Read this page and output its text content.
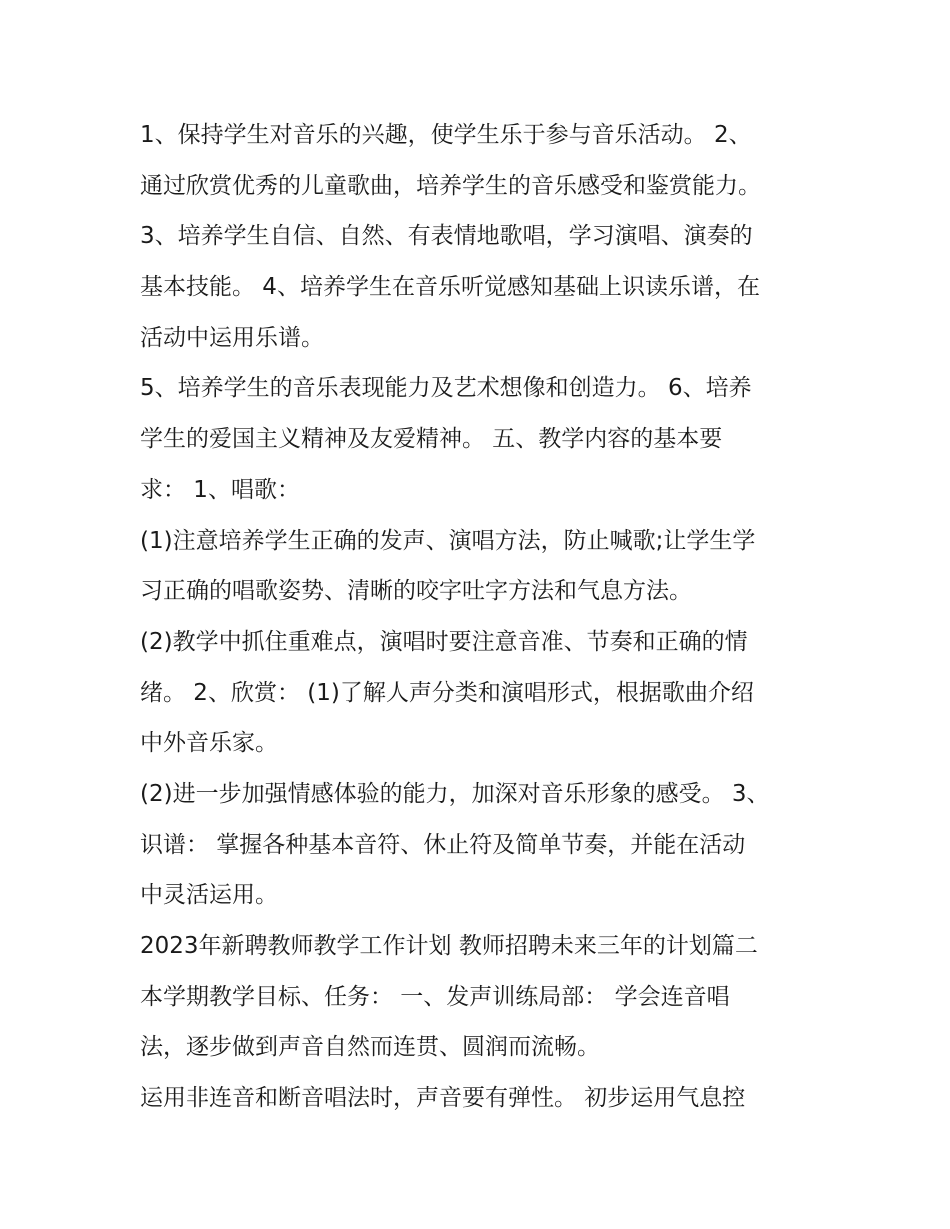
1、保持学生对音乐的兴趣，使学生乐于参与音乐活动。 2、
通过欣赏优秀的儿童歌曲，培养学生的音乐感受和鉴赏能力。
3、培养学生自信、自然、有表情地歌唱，学习演唱、演奏的
基本技能。 4、培养学生在音乐听觉感知基础上识读乐谱，在
活动中运用乐谱。
5、培养学生的音乐表现能力及艺术想像和创造力。 6、培养
学生的爱国主义精神及友爱精神。 五、教学内容的基本要
求： 1、唱歌：
(1)注意培养学生正确的发声、演唱方法，防止喊歌;让学生学
习正确的唱歌姿势、清晰的咬字吐字方法和气息方法。
(2)教学中抓住重难点，演唱时要注意音准、节奏和正确的情
绪。 2、欣赏： (1)了解人声分类和演唱形式，根据歌曲介绍
中外音乐家。
(2)进一步加强情感体验的能力，加深对音乐形象的感受。 3、
识谱： 掌握各种基本音符、休止符及简单节奏，并能在活动
中灵活运用。
2023年新聘教师教学工作计划 教师招聘未来三年的计划篇二
本学期教学目标、任务： 一、发声训练局部： 学会连音唱
法，逐步做到声音自然而连贯、圆润而流畅。
运用非连音和断音唱法时，声音要有弹性。 初步运用气息控
